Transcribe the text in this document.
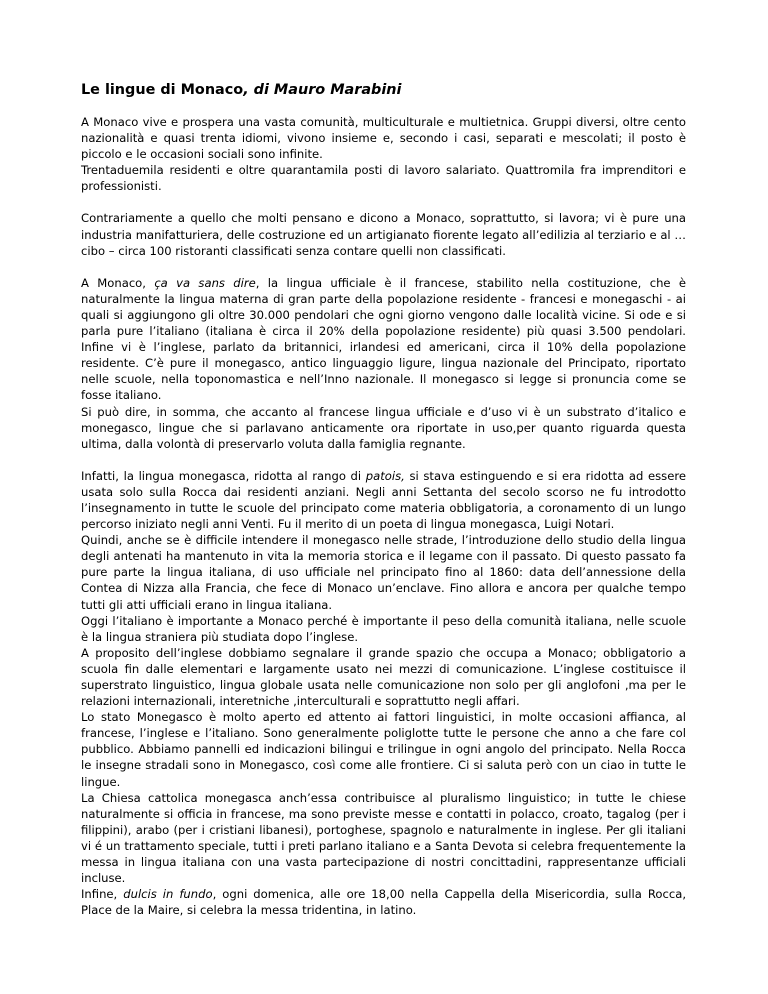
Le lingue di Monaco, di Mauro Marabini

A Monaco vive e prospera una vasta comunità, multiculturale e multietnica. Gruppi diversi, oltre cento nazionalità e quasi trenta idiomi, vivono insieme e, secondo i casi, separati e mescolati; il posto è piccolo e le occasioni sociali sono infinite.

Trentaduemila residenti e oltre quarantamila posti di lavoro salariato. Quattromila fra imprenditori e professionisti.

Contrariamente a quello che molti pensano e dicono a Monaco, soprattutto, si lavora; vi è pure una industria manifatturiera, delle costruzione ed un artigianato fiorente legato all’edilizia al terziario e al … cibo – circa 100 ristoranti classificati senza contare quelli non classificati.

A Monaco, ça va sans dire, la lingua ufficiale è il francese, stabilito nella costituzione, che è naturalmente la lingua materna di gran parte della popolazione residente - francesi e monegaschi - ai quali si aggiungono gli oltre 30.000 pendolari che ogni giorno vengono dalle località vicine. Si ode e si parla pure l’italiano (italiana è circa il 20% della popolazione residente) più quasi 3.500 pendolari. Infine vi è l’inglese, parlato da britannici, irlandesi ed americani, circa il 10% della popolazione residente. C’è pure il monegasco, antico linguaggio ligure, lingua nazionale del Principato, riportato nelle scuole, nella toponomastica e nell’Inno nazionale. Il monegasco si legge si pronuncia come se fosse italiano.

Si può dire, in somma, che accanto al francese lingua ufficiale e d’uso vi è un substrato d’italico e monegasco, lingue che si parlavano anticamente ora riportate in uso,per quanto riguarda questa ultima, dalla volontà di preservarlo voluta dalla famiglia regnante.

Infatti, la lingua monegasca, ridotta al rango di patois, si stava estinguendo e si era ridotta ad essere usata solo sulla Rocca dai residenti anziani. Negli anni Settanta del secolo scorso ne fu introdotto l’insegnamento in tutte le scuole del principato come materia obbligatoria, a coronamento di un lungo percorso iniziato negli anni Venti. Fu il merito di un poeta di lingua monegasca, Luigi Notari.

Quindi, anche se è difficile intendere il monegasco nelle strade, l’introduzione dello studio della lingua degli antenati ha mantenuto in vita la memoria storica e il legame con il passato. Di questo passato fa pure parte la lingua italiana, di uso ufficiale nel principato fino al 1860: data dell’annessione della Contea di Nizza alla Francia, che fece di Monaco un’enclave. Fino allora e ancora per qualche tempo tutti gli atti ufficiali erano in lingua italiana.

Oggi l’italiano è importante a Monaco perché è importante il peso della comunità italiana, nelle scuole è la lingua straniera più studiata dopo l’inglese.

A proposito dell’inglese dobbiamo segnalare il grande spazio che occupa a Monaco; obbligatorio a scuola fin dalle elementari e largamente usato nei mezzi di comunicazione. L’inglese costituisce il superstrato linguistico, lingua globale usata nelle comunicazione non solo per gli anglofoni ,ma per le relazioni internazionali, interetniche ,interculturali e soprattutto negli affari.

Lo stato Monegasco è molto aperto ed attento ai fattori linguistici, in molte occasioni affianca, al francese, l’inglese e l’italiano. Sono generalmente poliglotte tutte le persone che anno a che fare col pubblico. Abbiamo pannelli ed indicazioni bilingui e trilingue in ogni angolo del principato. Nella Rocca le insegne stradali sono in Monegasco, così come alle frontiere. Ci si saluta però con un ciao in tutte le lingue.

La Chiesa cattolica monegasca anch’essa contribuisce al pluralismo linguistico; in tutte le chiese naturalmente si officia in francese, ma sono previste messe e contatti in polacco, croato, tagalog (per i filippini), arabo (per i cristiani libanesi), portoghese, spagnolo e naturalmente in inglese. Per gli italiani vi é un trattamento speciale, tutti i preti parlano italiano e a Santa Devota si celebra frequentemente la messa in lingua italiana con una vasta partecipazione di nostri concittadini, rappresentanze ufficiali incluse.

Infine, dulcis in fundo, ogni domenica, alle ore 18,00 nella Cappella della Misericordia, sulla Rocca, Place de la Maire, si celebra la messa tridentina, in latino.
